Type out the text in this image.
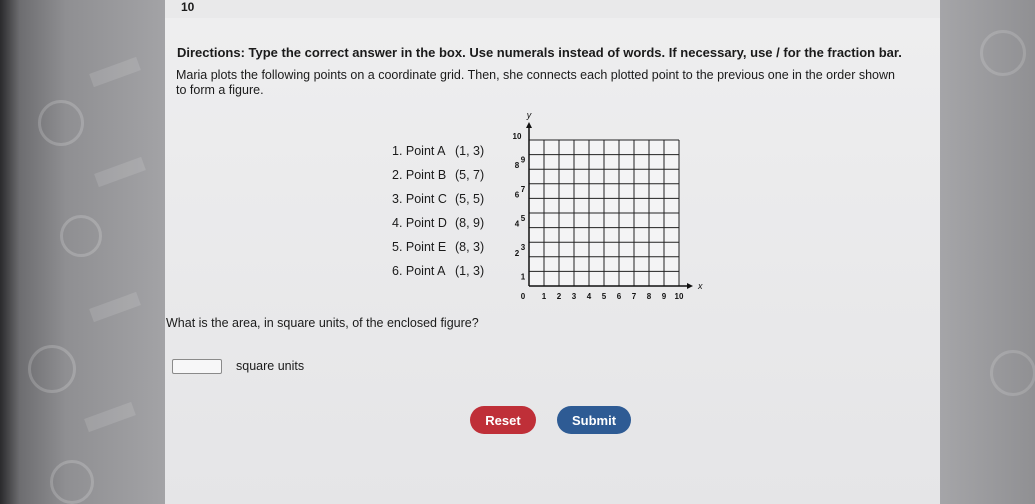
10
Directions: Type the correct answer in the box. Use numerals instead of words. If necessary, use / for the fraction bar.
Maria plots the following points on a coordinate grid. Then, she connects each plotted point to the previous one in the order shown to form a figure.
1. Point A (1, 3)
2. Point B (5, 7)
3. Point C (5, 5)
4. Point D (8, 9)
5. Point E (8, 3)
6. Point A (1, 3)
0 1 2 3 4 5 6 7 8 9 10
1
2
3
4
5
6
7
8
9
10
x
y
What is the area, in square units, of the enclosed figure?
square units
Reset	Submit
